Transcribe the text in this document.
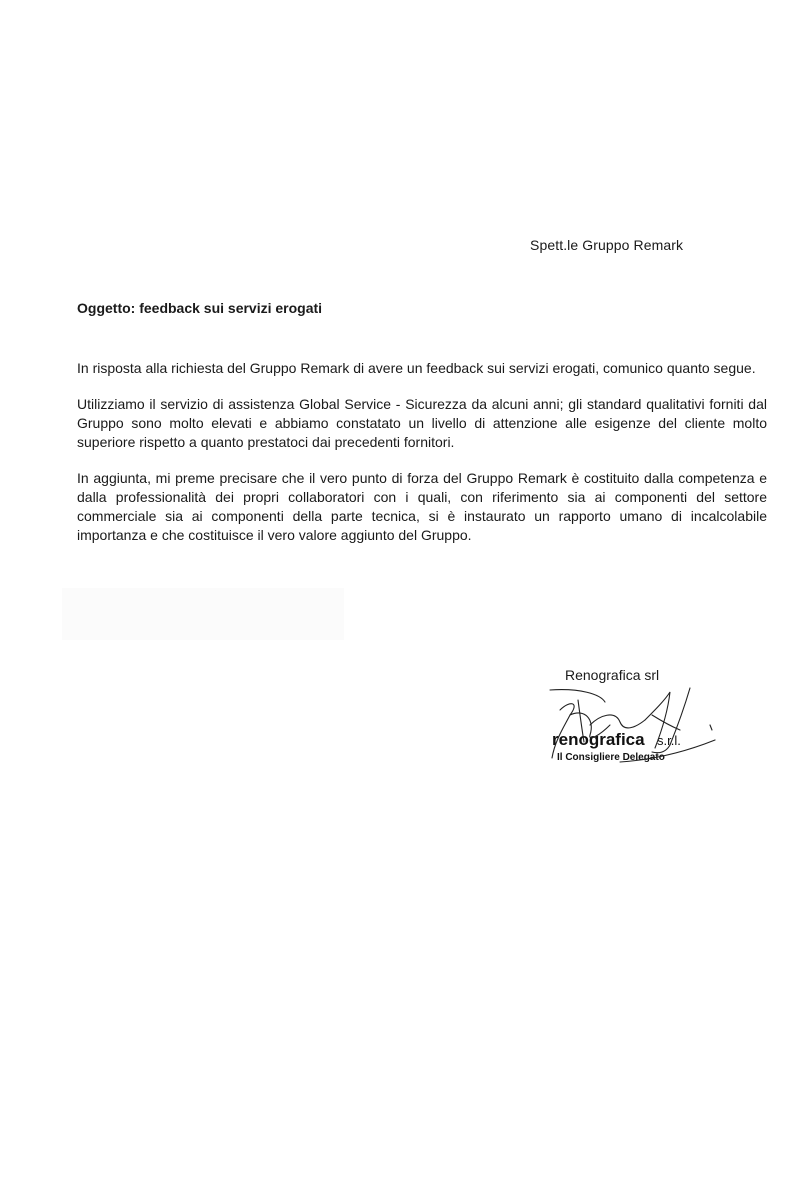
Spett.le Gruppo Remark
Oggetto: feedback sui servizi erogati

In risposta alla richiesta del Gruppo Remark di avere un feedback sui servizi erogati, comunico quanto segue.

Utilizziamo il servizio di assistenza Global Service - Sicurezza da alcuni anni; gli standard qualitativi forniti dal Gruppo sono molto elevati e abbiamo constatato un livello di attenzione alle esigenze del cliente molto superiore rispetto a quanto prestatoci dai precedenti fornitori.

In aggiunta, mi preme precisare che il vero punto di forza del Gruppo Remark è costituito dalla competenza e dalla professionalità dei propri collaboratori con i quali, con riferimento sia ai componenti del settore commerciale sia ai componenti della parte tecnica, si è instaurato un rapporto umano di incalcolabile importanza e che costituisce il vero valore aggiunto del Gruppo.

Renografica srl
renografica s.r.l.
Il Consigliere Delegato
